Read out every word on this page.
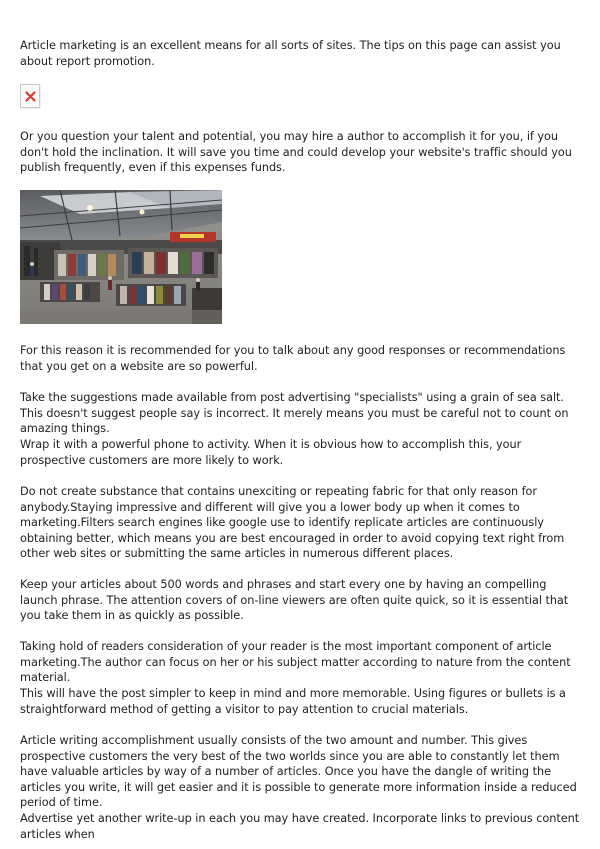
Article marketing is an excellent means for all sorts of sites. The tips on this page can assist you about report promotion.

Or you question your talent and potential, you may hire a author to accomplish it for you, if you don't hold the inclination. It will save you time and could develop your website's traffic should you publish frequently, even if this expenses funds.

For this reason it is recommended for you to talk about any good responses or recommendations that you get on a website are so powerful.

Take the suggestions made available from post advertising "specialists" using a grain of sea salt. This doesn't suggest people say is incorrect. It merely means you must be careful not to count on amazing things.

Wrap it with a powerful phone to activity. When it is obvious how to accomplish this, your prospective customers are more likely to work.

Do not create substance that contains unexciting or repeating fabric for that only reason for anybody.Staying impressive and different will give you a lower body up when it comes to marketing.Filters search engines like google use to identify replicate articles are continuously obtaining better, which means you are best encouraged in order to avoid copying text right from other web sites or submitting the same articles in numerous different places.

Keep your articles about 500 words and phrases and start every one by having an compelling launch phrase. The attention covers of on-line viewers are often quite quick, so it is essential that you take them in as quickly as possible.

Taking hold of readers consideration of your reader is the most important component of article marketing.The author can focus on her or his subject matter according to nature from the content material.

This will have the post simpler to keep in mind and more memorable. Using figures or bullets is a straightforward method of getting a visitor to pay attention to crucial materials.

Article writing accomplishment usually consists of the two amount and number. This gives prospective customers the very best of the two worlds since you are able to constantly let them have valuable articles by way of a number of articles. Once you have the dangle of writing the articles you write, it will get easier and it is possible to generate more information inside a reduced period of time.

Advertise yet another write-up in each you may have created. Incorporate links to previous content articles when
